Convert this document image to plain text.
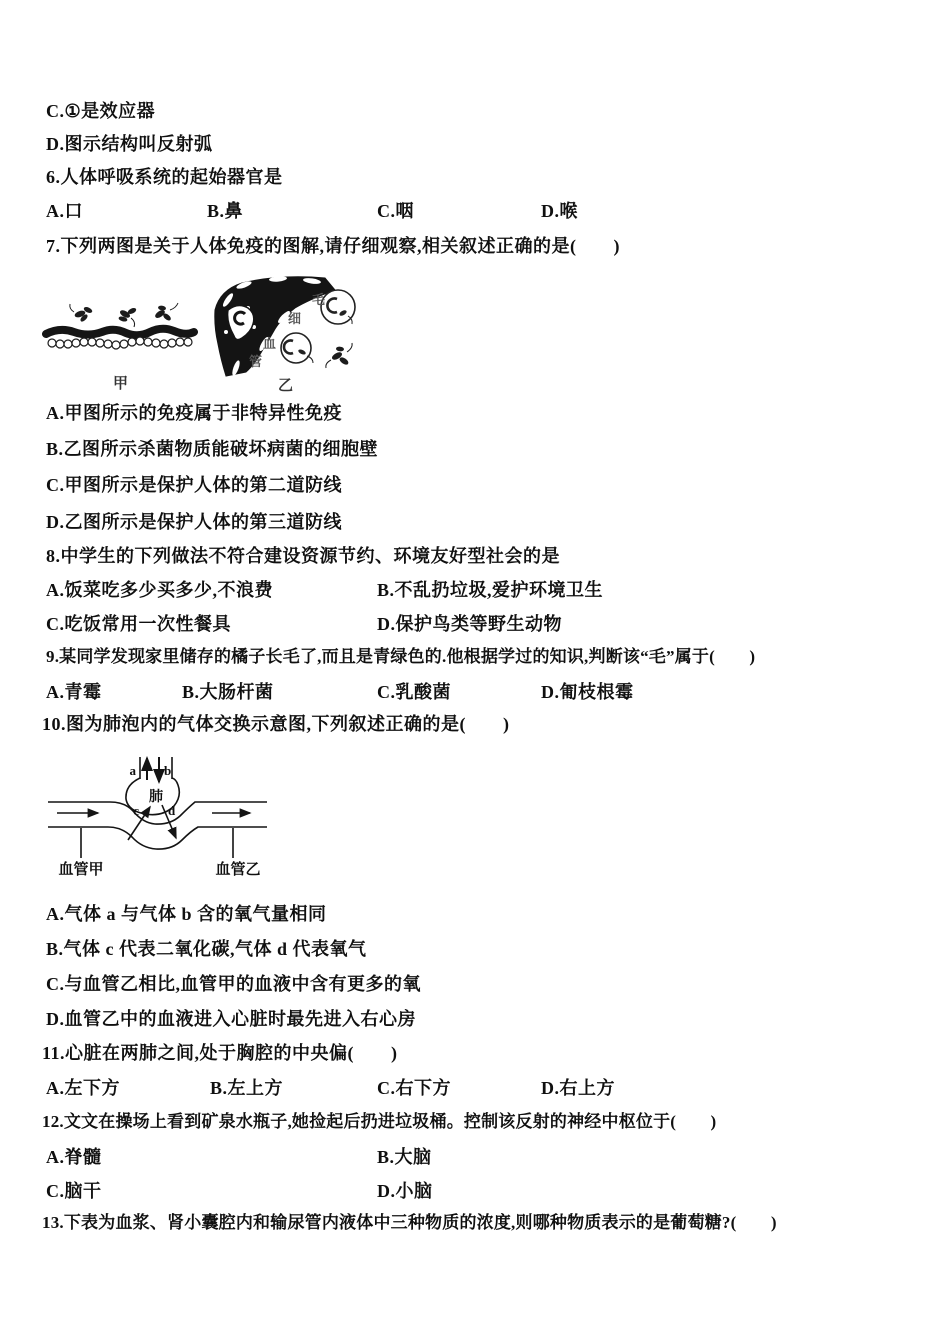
C.①是效应器
D.图示结构叫反射弧
6.人体呼吸系统的起始器官是
A.口	B.鼻	C.咽	D.喉
7.下列两图是关于人体免疫的图解,请仔细观察,相关叙述正确的是(　　)
甲
毛
细
血
管
乙
A.甲图所示的免疫属于非特异性免疫
B.乙图所示杀菌物质能破坏病菌的细胞壁
C.甲图所示是保护人体的第二道防线
D.乙图所示是保护人体的第三道防线
8.中学生的下列做法不符合建设资源节约、环境友好型社会的是
A.饭菜吃多少买多少,不浪费	B.不乱扔垃圾,爱护环境卫生
C.吃饭常用一次性餐具	D.保护鸟类等野生动物
9.某同学发现家里储存的橘子长毛了,而且是青绿色的.他根据学过的知识,判断该“毛”属于(　　)
A.青霉	B.大肠杆菌	C.乳酸菌	D.匍枝根霉
10.图为肺泡内的气体交换示意图,下列叙述正确的是(　　)
a b
肺
c d
血管甲	血管乙
A.气体 a 与气体 b 含的氧气量相同
B.气体 c 代表二氧化碳,气体 d 代表氧气
C.与血管乙相比,血管甲的血液中含有更多的氧
D.血管乙中的血液进入心脏时最先进入右心房
11.心脏在两肺之间,处于胸腔的中央偏(　　)
A.左下方	B.左上方	C.右下方	D.右上方
12.文文在操场上看到矿泉水瓶子,她捡起后扔进垃圾桶。控制该反射的神经中枢位于(　　)
A.脊髓	B.大脑
C.脑干	D.小脑
13.下表为血浆、肾小囊腔内和输尿管内液体中三种物质的浓度,则哪种物质表示的是葡萄糖?(　　)
